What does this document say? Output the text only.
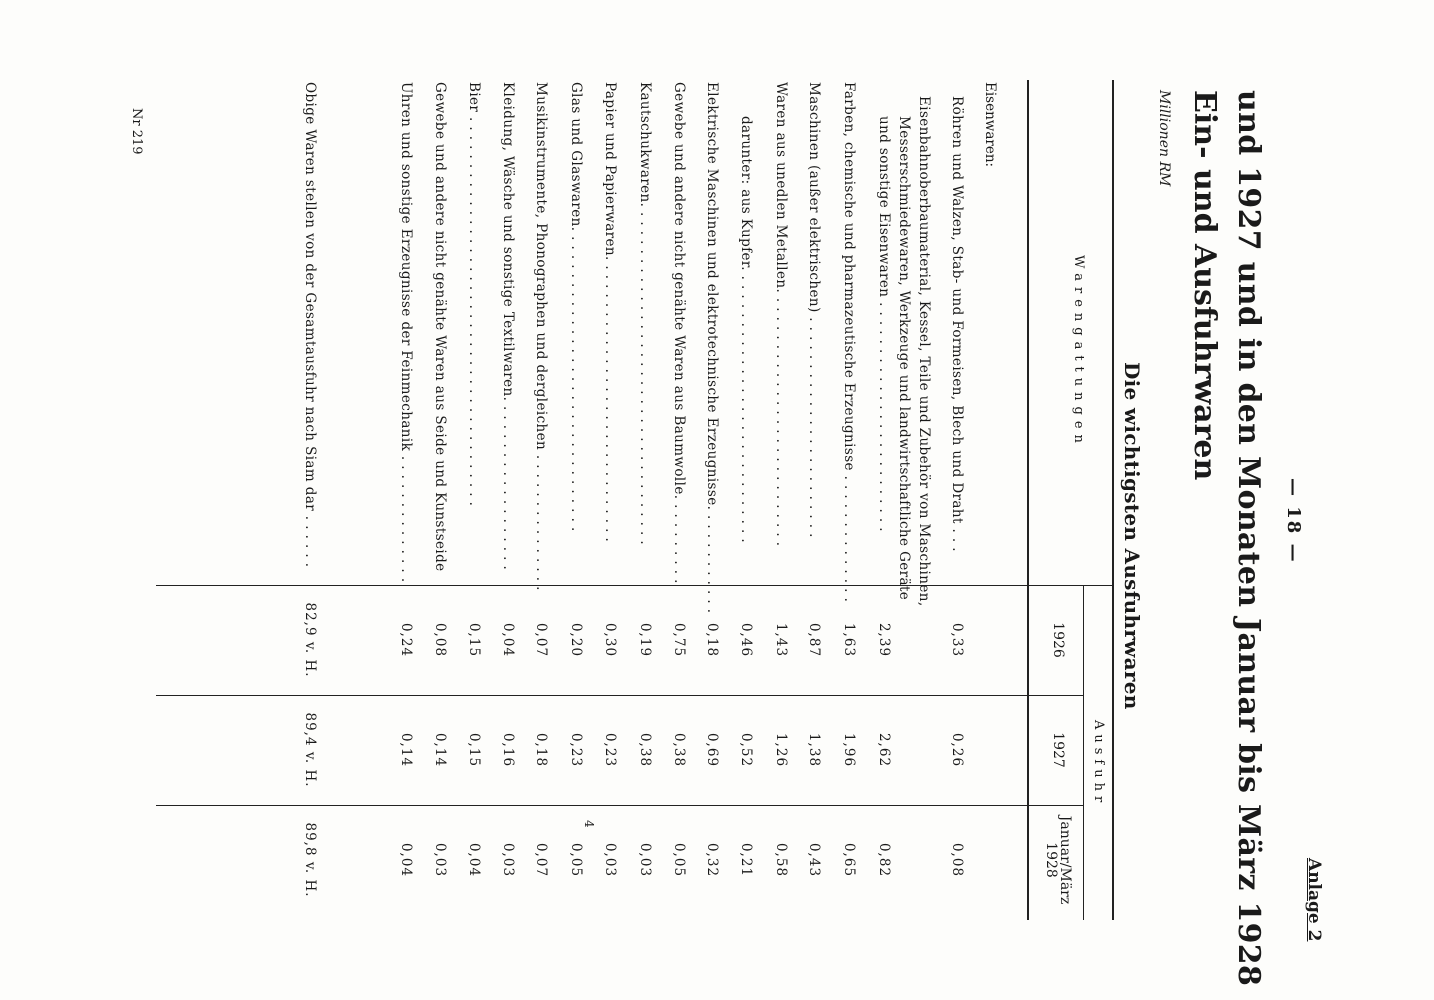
Anlage 2
— 18 —
und 1927 und in den Monaten Januar bis März 1928
Ein- und Ausfuhrwaren
Millionen RM
Die wichtigsten Ausfuhrwaren
Warengattungen
Ausfuhr
1926
1927
Januar/März 1928
Eisenwaren:
Röhren und Walzen, Stab- und Formeisen, Blech und Draht . . .
0,33
0,26
0,08
Eisenbahnoberbaumaterial, Kessel, Teile und Zubehör von Maschinen,
Messerschmiedewaren, Werkzeuge und landwirtschaftliche Geräte
und sonstige Eisenwaren . . . . . . . . . . . . . . . . . . . . . . . . .
2,39
2,62
0,82
Farben, chemische und pharmazeutische Erzeugnisse . . . . . . . . . . . . . .
1,63
1,96
0,65
Maschinen (außer elektrischen) . . . . . . . . . . . . . . . . . . . . . . . .
0,87
1,38
0,43
Waren aus unedlen Metallen. . . . . . . . . . . . . . . . . . . . . . . . . . . .
1,43
1,26
0,58
darunter: aus Kupfer. . . . . . . . . . . . . . . . . . . . . . . . . . . . . .
0,46
0,52
0,21
Elektrische Maschinen und elektrotechnische Erzeugnisse. . . . . . . . . . . .
0,18
0,69
0,32
Gewebe und andere nicht genähte Waren aus Baumwolle. . . . . . . . . .
0,75
0,38
0,05
Kautschukwaren. . . . . . . . . . . . . . . . . . . . . . . . . . . . . . . . . . . . .
0,19
0,38
0,03
Papier und Papierwaren. . . . . . . . . . . . . . . . . . . . . . . . . . . . . . .
0,30
0,23
0,03
Glas und Glaswaren. . . . . . . . . . . . . . . . . . . . . . . . . . . . . . . . .
0,20
0,23
0,05
Musikinstrumente, Phonographen und dergleichen . . . . . . . . . . . . . . .
0,07
0,18
0,07
Kleidung, Wäsche und sonstige Textilwaren. . . . . . . . . . . . . . . . . . .
0,04
0,16
0,03
Bier . . . . . . . . . . . . . . . . . . . . . . . . . . . . . . . . . . . . . . . . . .
0,15
0,15
0,04
Gewebe und andere nicht genähte Waren aus Seide und Kunstseide
0,08
0,14
0,03
Uhren und sonstige Erzeugnisse der Feinmechanik . . . . . . . . . . . . . .
0,24
0,14
0,04
Obige Waren stellen von der Gesamtausfuhr nach Siam dar . . . . . .
82,9 v. H.
89,4 v. H.
89,8 v. H.	4
Nr 219
